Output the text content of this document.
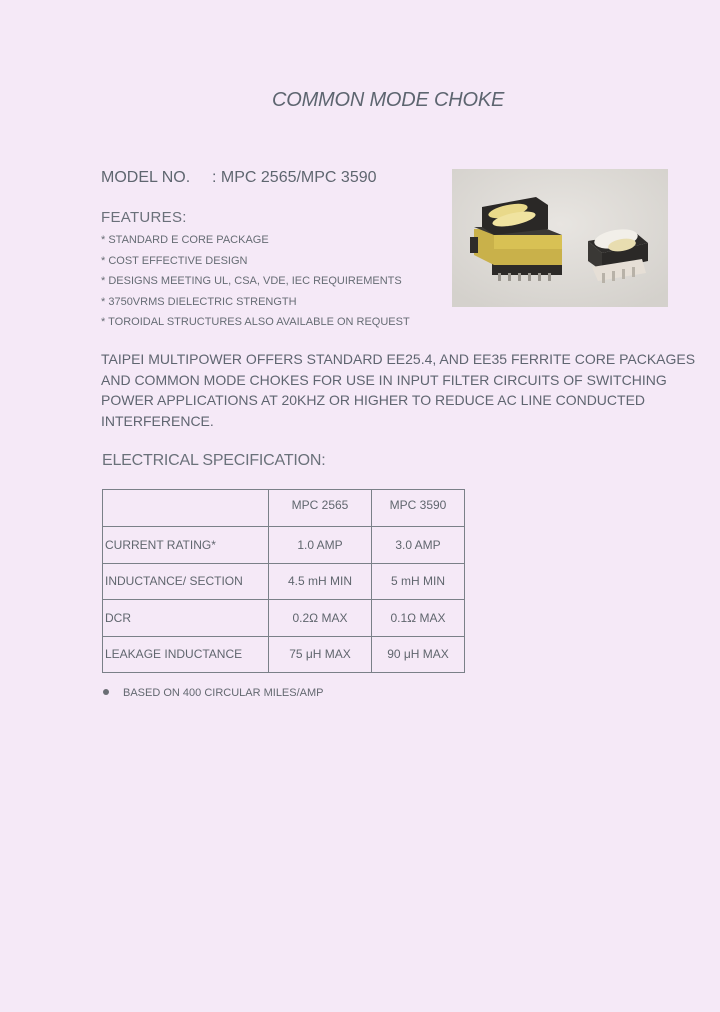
COMMON MODE CHOKE
MODEL NO. : MPC 2565/MPC 3590
FEATURES:
* STANDARD E CORE PACKAGE
* COST EFFECTIVE DESIGN
* DESIGNS MEETING UL, CSA, VDE, IEC REQUIREMENTS
* 3750VRMS DIELECTRIC STRENGTH
* TOROIDAL STRUCTURES ALSO AVAILABLE ON REQUEST
TAIPEI MULTIPOWER OFFERS STANDARD EE25.4, AND EE35 FERRITE CORE PACKAGES
AND COMMON MODE CHOKES FOR USE IN INPUT FILTER CIRCUITS OF SWITCHING
POWER APPLICATIONS AT 20KHZ OR HIGHER TO REDUCE AC LINE CONDUCTED
INTERFERENCE.
ELECTRICAL SPECIFICATION:
	MPC 2565	MPC 3590
CURRENT RATING*	1.0 AMP	3.0 AMP
INDUCTANCE/ SECTION	4.5 mH MIN	5 mH MIN
DCR	0.2Ω MAX	0.1Ω MAX
LEAKAGE INDUCTANCE	75 μH MAX	90 μH MAX
BASED ON 400 CIRCULAR MILES/AMP
